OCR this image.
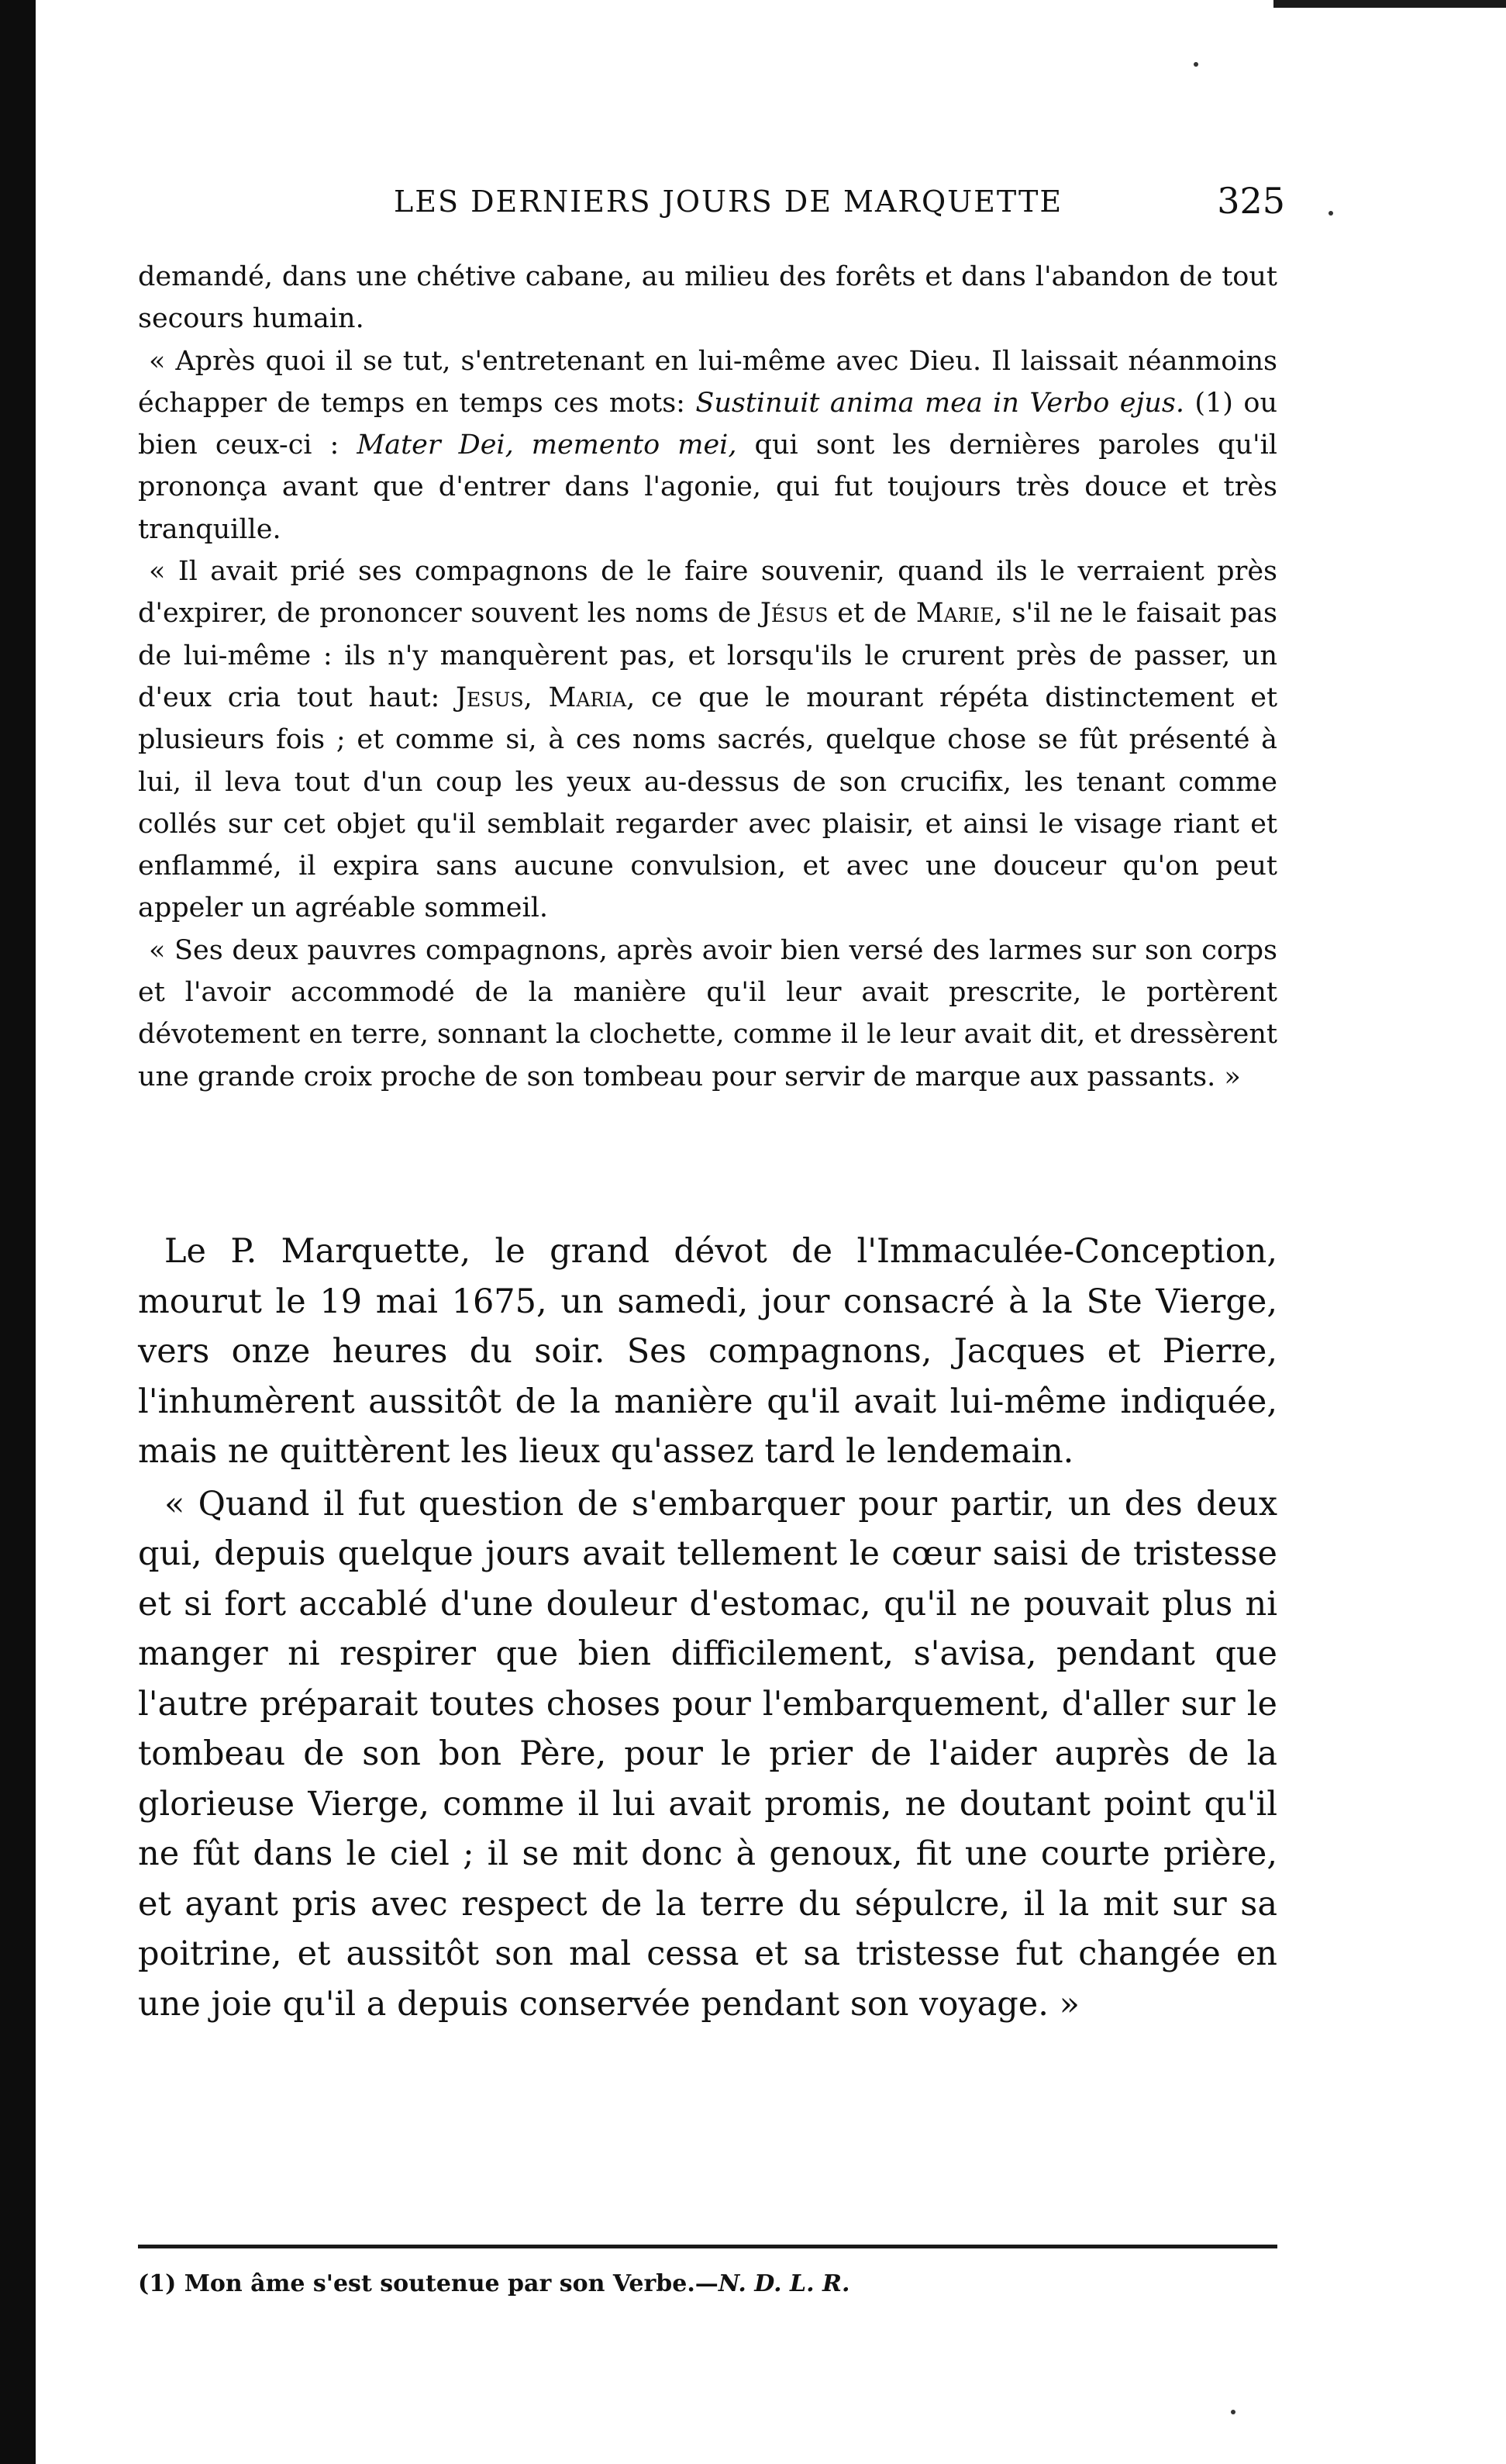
LES DERNIERS JOURS DE MARQUETTE	325

demandé, dans une chétive cabane, au milieu des forêts et dans l'abandon de tout secours humain.

« Après quoi il se tut, s'entretenant en lui-même avec Dieu. Il laissait néanmoins échapper de temps en temps ces mots: Sustinuit anima mea in Verbo ejus. (1) ou bien ceux-ci : Mater Dei, memento mei, qui sont les dernières paroles qu'il prononça avant que d'entrer dans l'agonie, qui fut toujours très douce et très tranquille.

« Il avait prié ses compagnons de le faire souvenir, quand ils le verraient près d'expirer, de prononcer souvent les noms de Jésus et de Marie, s'il ne le faisait pas de lui-même : ils n'y manquèrent pas, et lorsqu'ils le crurent près de passer, un d'eux cria tout haut: Jesus, Maria, ce que le mourant répéta distinctement et plusieurs fois ; et comme si, à ces noms sacrés, quelque chose se fût présenté à lui, il leva tout d'un coup les yeux au-dessus de son crucifix, les tenant comme collés sur cet objet qu'il semblait regarder avec plaisir, et ainsi le visage riant et enflammé, il expira sans aucune convulsion, et avec une douceur qu'on peut appeler un agréable sommeil.

« Ses deux pauvres compagnons, après avoir bien versé des larmes sur son corps et l'avoir accommodé de la manière qu'il leur avait prescrite, le portèrent dévotement en terre, sonnant la clochette, comme il le leur avait dit, et dressèrent une grande croix proche de son tombeau pour servir de marque aux passants. »

Le P. Marquette, le grand dévot de l'Immaculée-Conception, mourut le 19 mai 1675, un samedi, jour consacré à la Ste Vierge, vers onze heures du soir. Ses compagnons, Jacques et Pierre, l'inhumèrent aussitôt de la manière qu'il avait lui-même indiquée, mais ne quittèrent les lieux qu'assez tard le lendemain.

« Quand il fut question de s'embarquer pour partir, un des deux qui, depuis quelque jours avait tellement le cœur saisi de tristesse et si fort accablé d'une douleur d'estomac, qu'il ne pouvait plus ni manger ni respirer que bien difficilement, s'avisa, pendant que l'autre préparait toutes choses pour l'embarquement, d'aller sur le tombeau de son bon Père, pour le prier de l'aider auprès de la glorieuse Vierge, comme il lui avait promis, ne doutant point qu'il ne fût dans le ciel ; il se mit donc à genoux, fit une courte prière, et ayant pris avec respect de la terre du sépulcre, il la mit sur sa poitrine, et aussitôt son mal cessa et sa tristesse fut changée en une joie qu'il a depuis conservée pendant son voyage. »

(1) Mon âme s'est soutenue par son Verbe.—N. D. L. R.
